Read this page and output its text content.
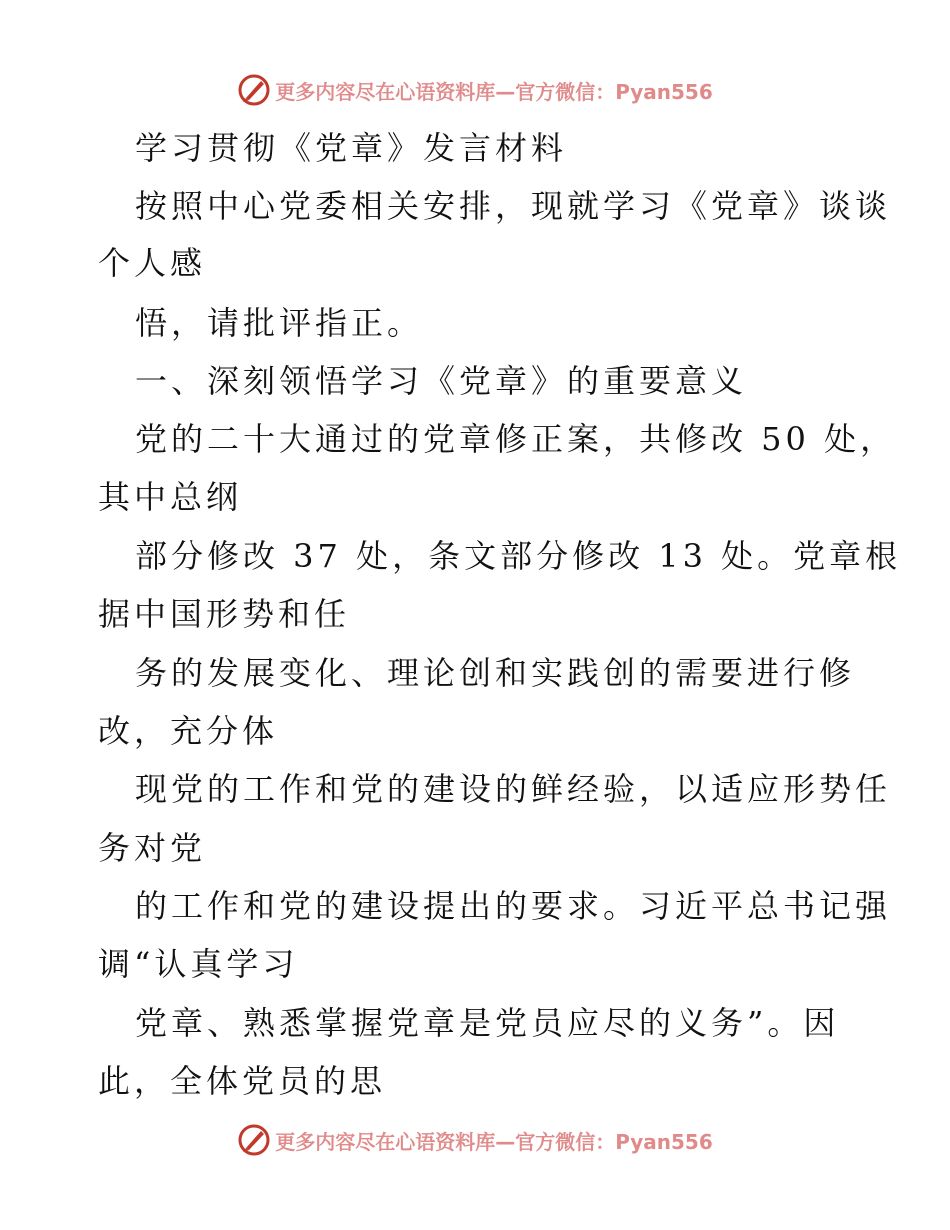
更多内容尽在心语资料库—官方微信：Pyan556
学习贯彻《党章》发言材料
按照中心党委相关安排，现就学习《党章》谈谈
个人感
悟，请批评指正。
一、深刻领悟学习《党章》的重要意义
党的二十大通过的党章修正案，共修改 50 处，
其中总纲
部分修改 37 处，条文部分修改 13 处。党章根
据中国形势和任
务的发展变化、理论创和实践创的需要进行修
改，充分体
现党的工作和党的建设的鲜经验，以适应形势任
务对党
的工作和党的建设提出的要求。习近平总书记强
调“认真学习
党章、熟悉掌握党章是党员应尽的义务”。因
此，全体党员的思
更多内容尽在心语资料库—官方微信：Pyan556
